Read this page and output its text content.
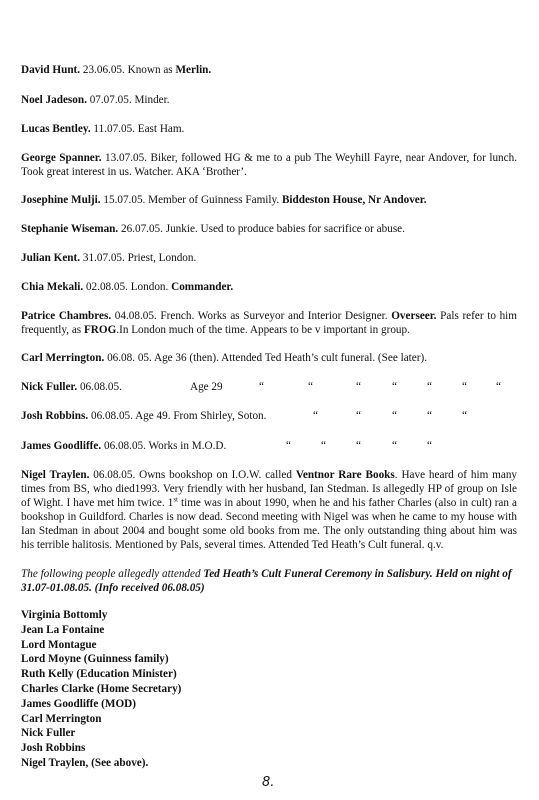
David Hunt. 23.06.05. Known as Merlin.

Noel Jadeson. 07.07.05. Minder.

Lucas Bentley. 11.07.05. East Ham.

George Spanner. 13.07.05. Biker, followed HG & me to a pub The Weyhill Fayre, near Andover, for lunch. Took great interest in us. Watcher. AKA ‘Brother’.

Josephine Mulji. 15.07.05. Member of Guinness Family. Biddeston House, Nr Andover.

Stephanie Wiseman. 26.07.05. Junkie. Used to produce babies for sacrifice or abuse.

Julian Kent. 31.07.05. Priest, London.

Chia Mekali. 02.08.05. London. Commander.

Patrice Chambres. 04.08.05. French. Works as Surveyor and Interior Designer. Overseer. Pals refer to him frequently, as FROG.In London much of the time. Appears to be v important in group.

Carl Merrington. 06.08. 05. Age 36 (then). Attended Ted Heath’s cult funeral. (See later).

Nick Fuller. 06.08.05.	Age 29	“	“	“	“	“	“	“
Josh Robbins. 06.08.05. Age 49. From Shirley, Soton.	“	“	“	“	“
James Goodliffe. 06.08.05. Works in M.O.D.	“	“	“	“	“

Nigel Traylen. 06.08.05. Owns bookshop on I.O.W. called Ventnor Rare Books. Have heard of him many times from BS, who died1993. Very friendly with her husband, Ian Stedman. Is allegedly HP of group on Isle of Wight. I have met him twice. 1st time was in about 1990, when he and his father Charles (also in cult) ran a bookshop in Guildford. Charles is now dead. Second meeting with Nigel was when he came to my house with Ian Stedman in about 2004 and bought some old books from me. The only outstanding thing about him was his terrible halitosis. Mentioned by Pals, several times. Attended Ted Heath’s Cult funeral. q.v.

The following people allegedly attended Ted Heath’s Cult Funeral Ceremony in Salisbury. Held on night of 31.07-01.08.05. (Info received 06.08.05)

Virginia Bottomly
Jean La Fontaine
Lord Montague
Lord Moyne (Guinness family)
Ruth Kelly (Education Minister)
Charles Clarke (Home Secretary)
James Goodliffe (MOD)
Carl Merrington
Nick Fuller
Josh Robbins
Nigel Traylen, (See above).
8.
